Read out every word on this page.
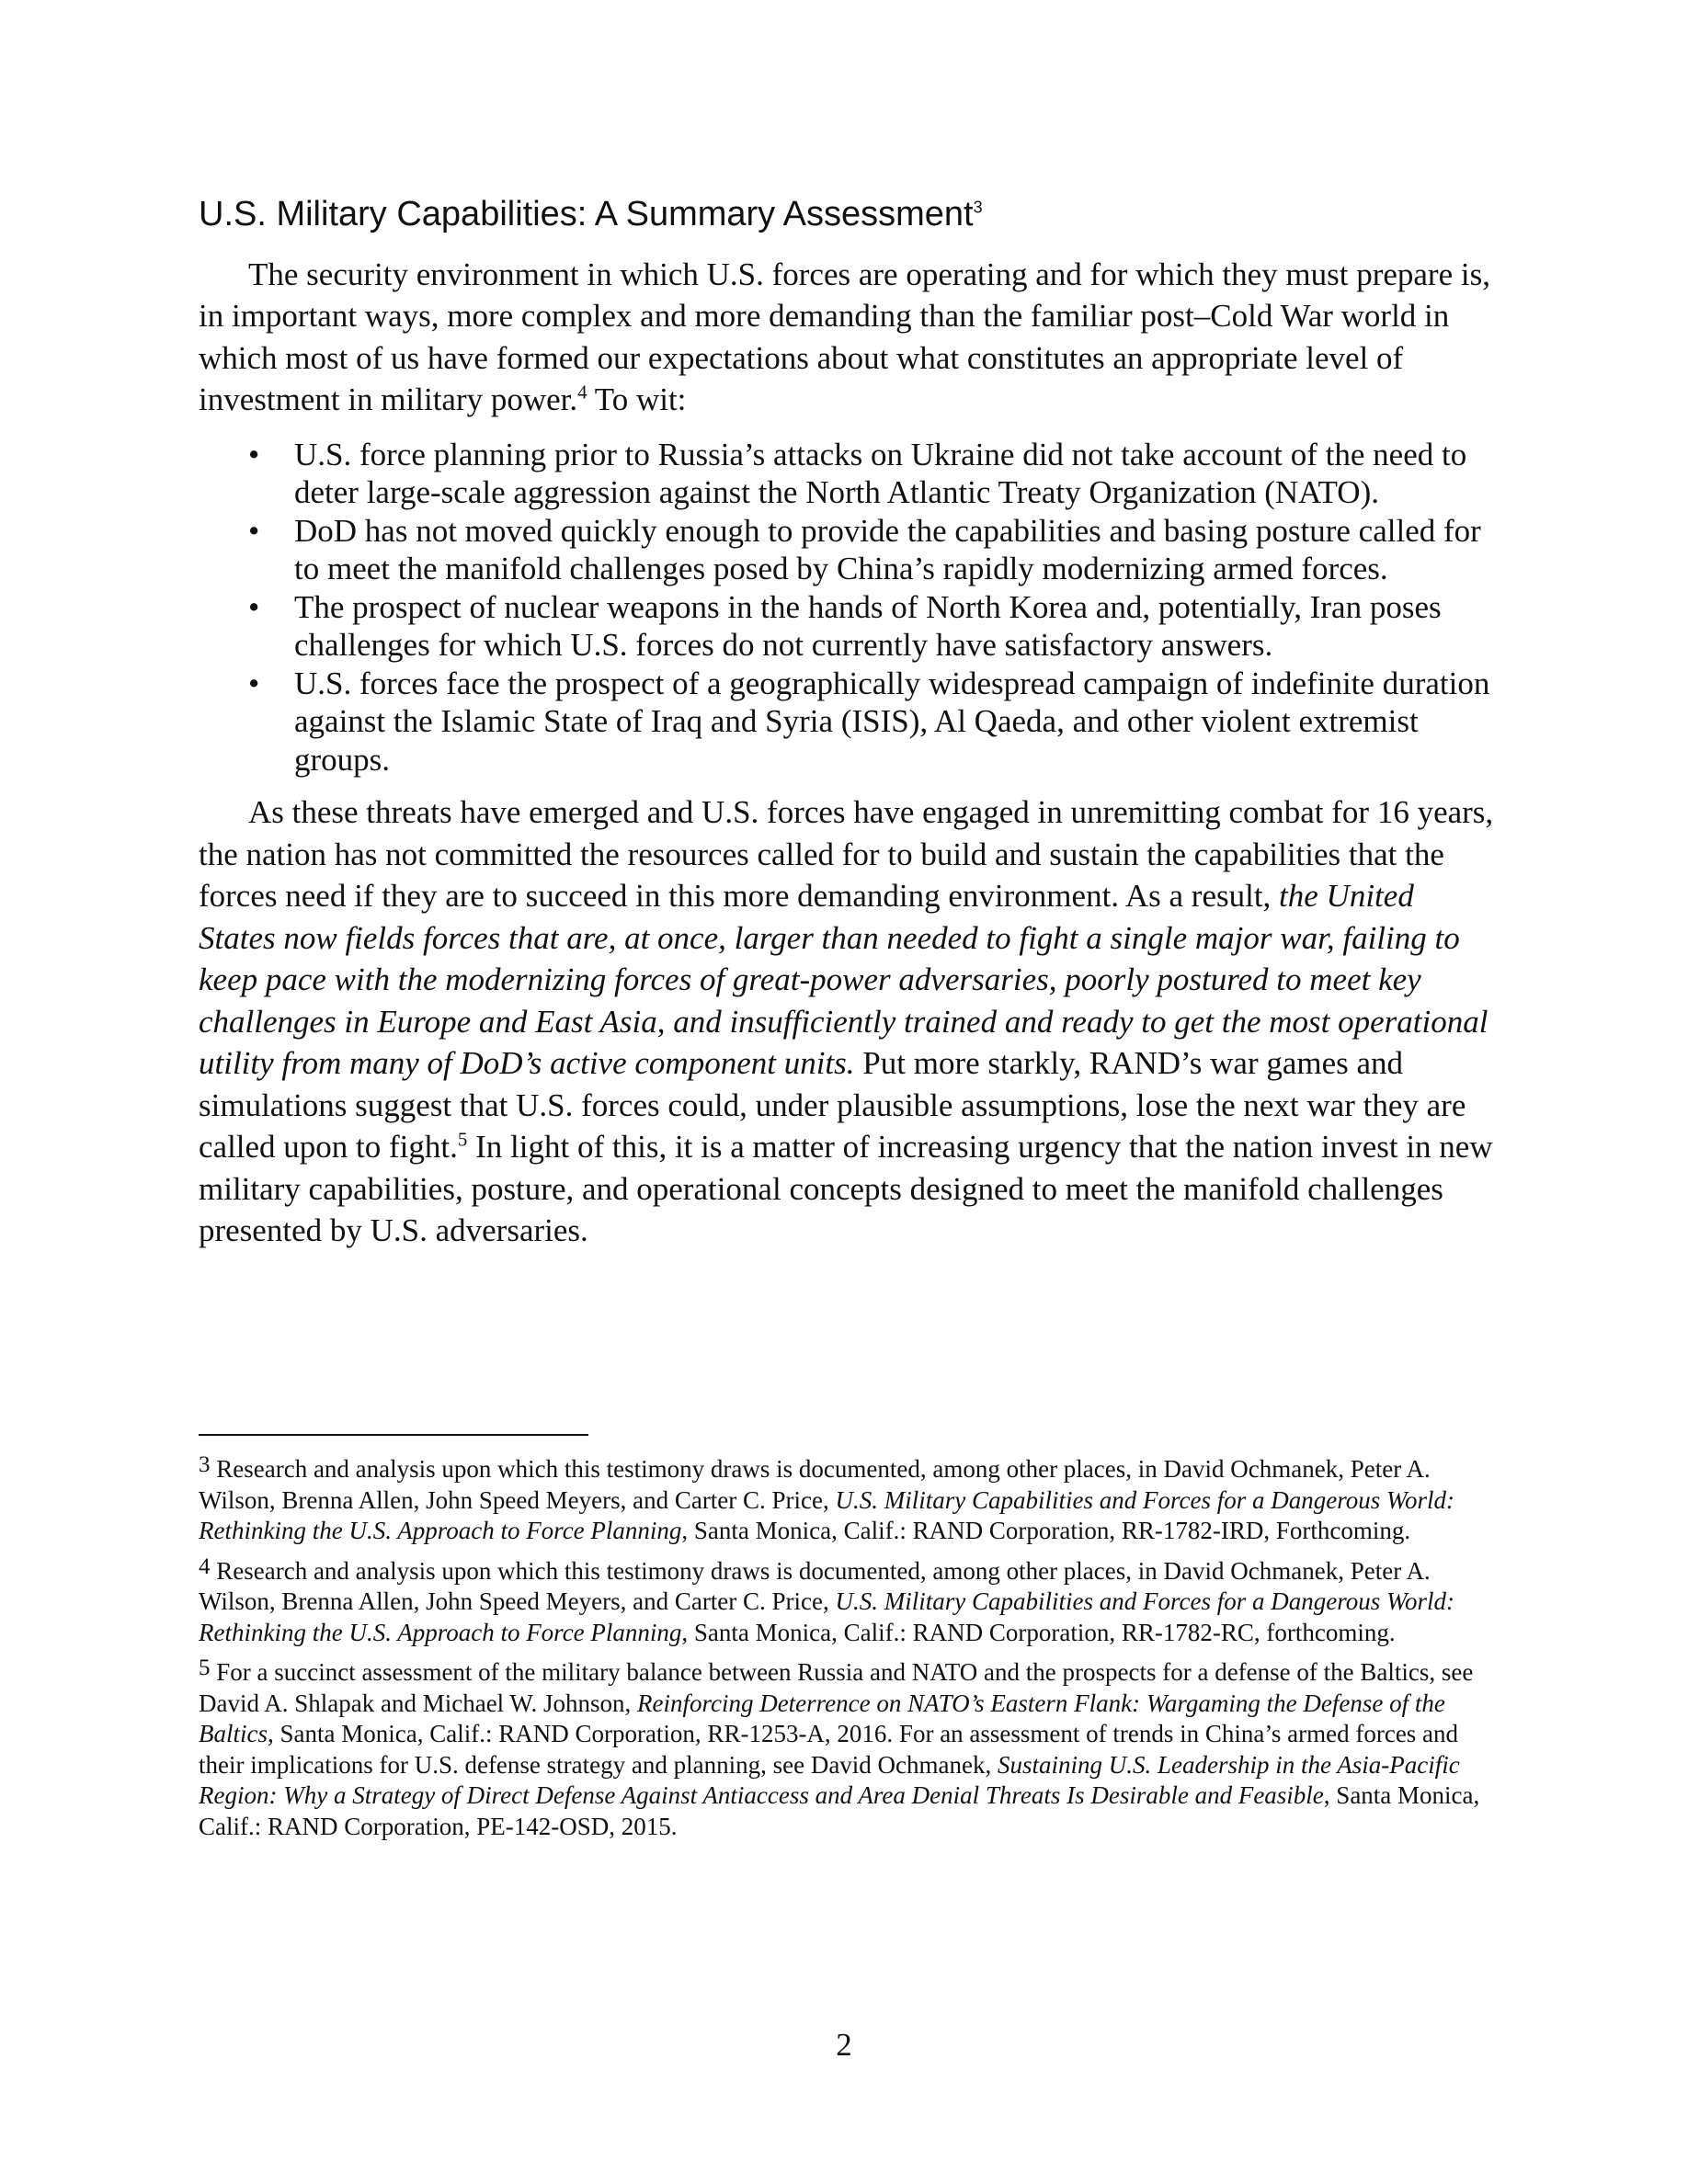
U.S. Military Capabilities: A Summary Assessment$^3$

The security environment in which U.S. forces are operating and for which they must prepare is, in important ways, more complex and more demanding than the familiar post–Cold War world in which most of us have formed our expectations about what constitutes an appropriate level of investment in military power.$^4$ To wit:

•	U.S. force planning prior to Russia’s attacks on Ukraine did not take account of the need to deter large-scale aggression against the North Atlantic Treaty Organization (NATO).
•	DoD has not moved quickly enough to provide the capabilities and basing posture called for to meet the manifold challenges posed by China’s rapidly modernizing armed forces.
•	The prospect of nuclear weapons in the hands of North Korea and, potentially, Iran poses challenges for which U.S. forces do not currently have satisfactory answers.
•	U.S. forces face the prospect of a geographically widespread campaign of indefinite duration against the Islamic State of Iraq and Syria (ISIS), Al Qaeda, and other violent extremist groups.

As these threats have emerged and U.S. forces have engaged in unremitting combat for 16 years, the nation has not committed the resources called for to build and sustain the capabilities that the forces need if they are to succeed in this more demanding environment. As a result, the United States now fields forces that are, at once, larger than needed to fight a single major war, failing to keep pace with the modernizing forces of great-power adversaries, poorly postured to meet key challenges in Europe and East Asia, and insufficiently trained and ready to get the most operational utility from many of DoD’s active component units. Put more starkly, RAND’s war games and simulations suggest that U.S. forces could, under plausible assumptions, lose the next war they are called upon to fight.$^5$ In light of this, it is a matter of increasing urgency that the nation invest in new military capabilities, posture, and operational concepts designed to meet the manifold challenges presented by U.S. adversaries.

$^3$ Research and analysis upon which this testimony draws is documented, among other places, in David Ochmanek, Peter A. Wilson, Brenna Allen, John Speed Meyers, and Carter C. Price, U.S. Military Capabilities and Forces for a Dangerous World: Rethinking the U.S. Approach to Force Planning, Santa Monica, Calif.: RAND Corporation, RR-1782-IRD, Forthcoming.

$^4$ Research and analysis upon which this testimony draws is documented, among other places, in David Ochmanek, Peter A. Wilson, Brenna Allen, John Speed Meyers, and Carter C. Price, U.S. Military Capabilities and Forces for a Dangerous World: Rethinking the U.S. Approach to Force Planning, Santa Monica, Calif.: RAND Corporation, RR-1782-RC, forthcoming.

$^5$ For a succinct assessment of the military balance between Russia and NATO and the prospects for a defense of the Baltics, see David A. Shlapak and Michael W. Johnson, Reinforcing Deterrence on NATO’s Eastern Flank: Wargaming the Defense of the Baltics, Santa Monica, Calif.: RAND Corporation, RR-1253-A, 2016. For an assessment of trends in China’s armed forces and their implications for U.S. defense strategy and planning, see David Ochmanek, Sustaining U.S. Leadership in the Asia-Pacific Region: Why a Strategy of Direct Defense Against Antiaccess and Area Denial Threats Is Desirable and Feasible, Santa Monica, Calif.: RAND Corporation, PE-142-OSD, 2015.

2
